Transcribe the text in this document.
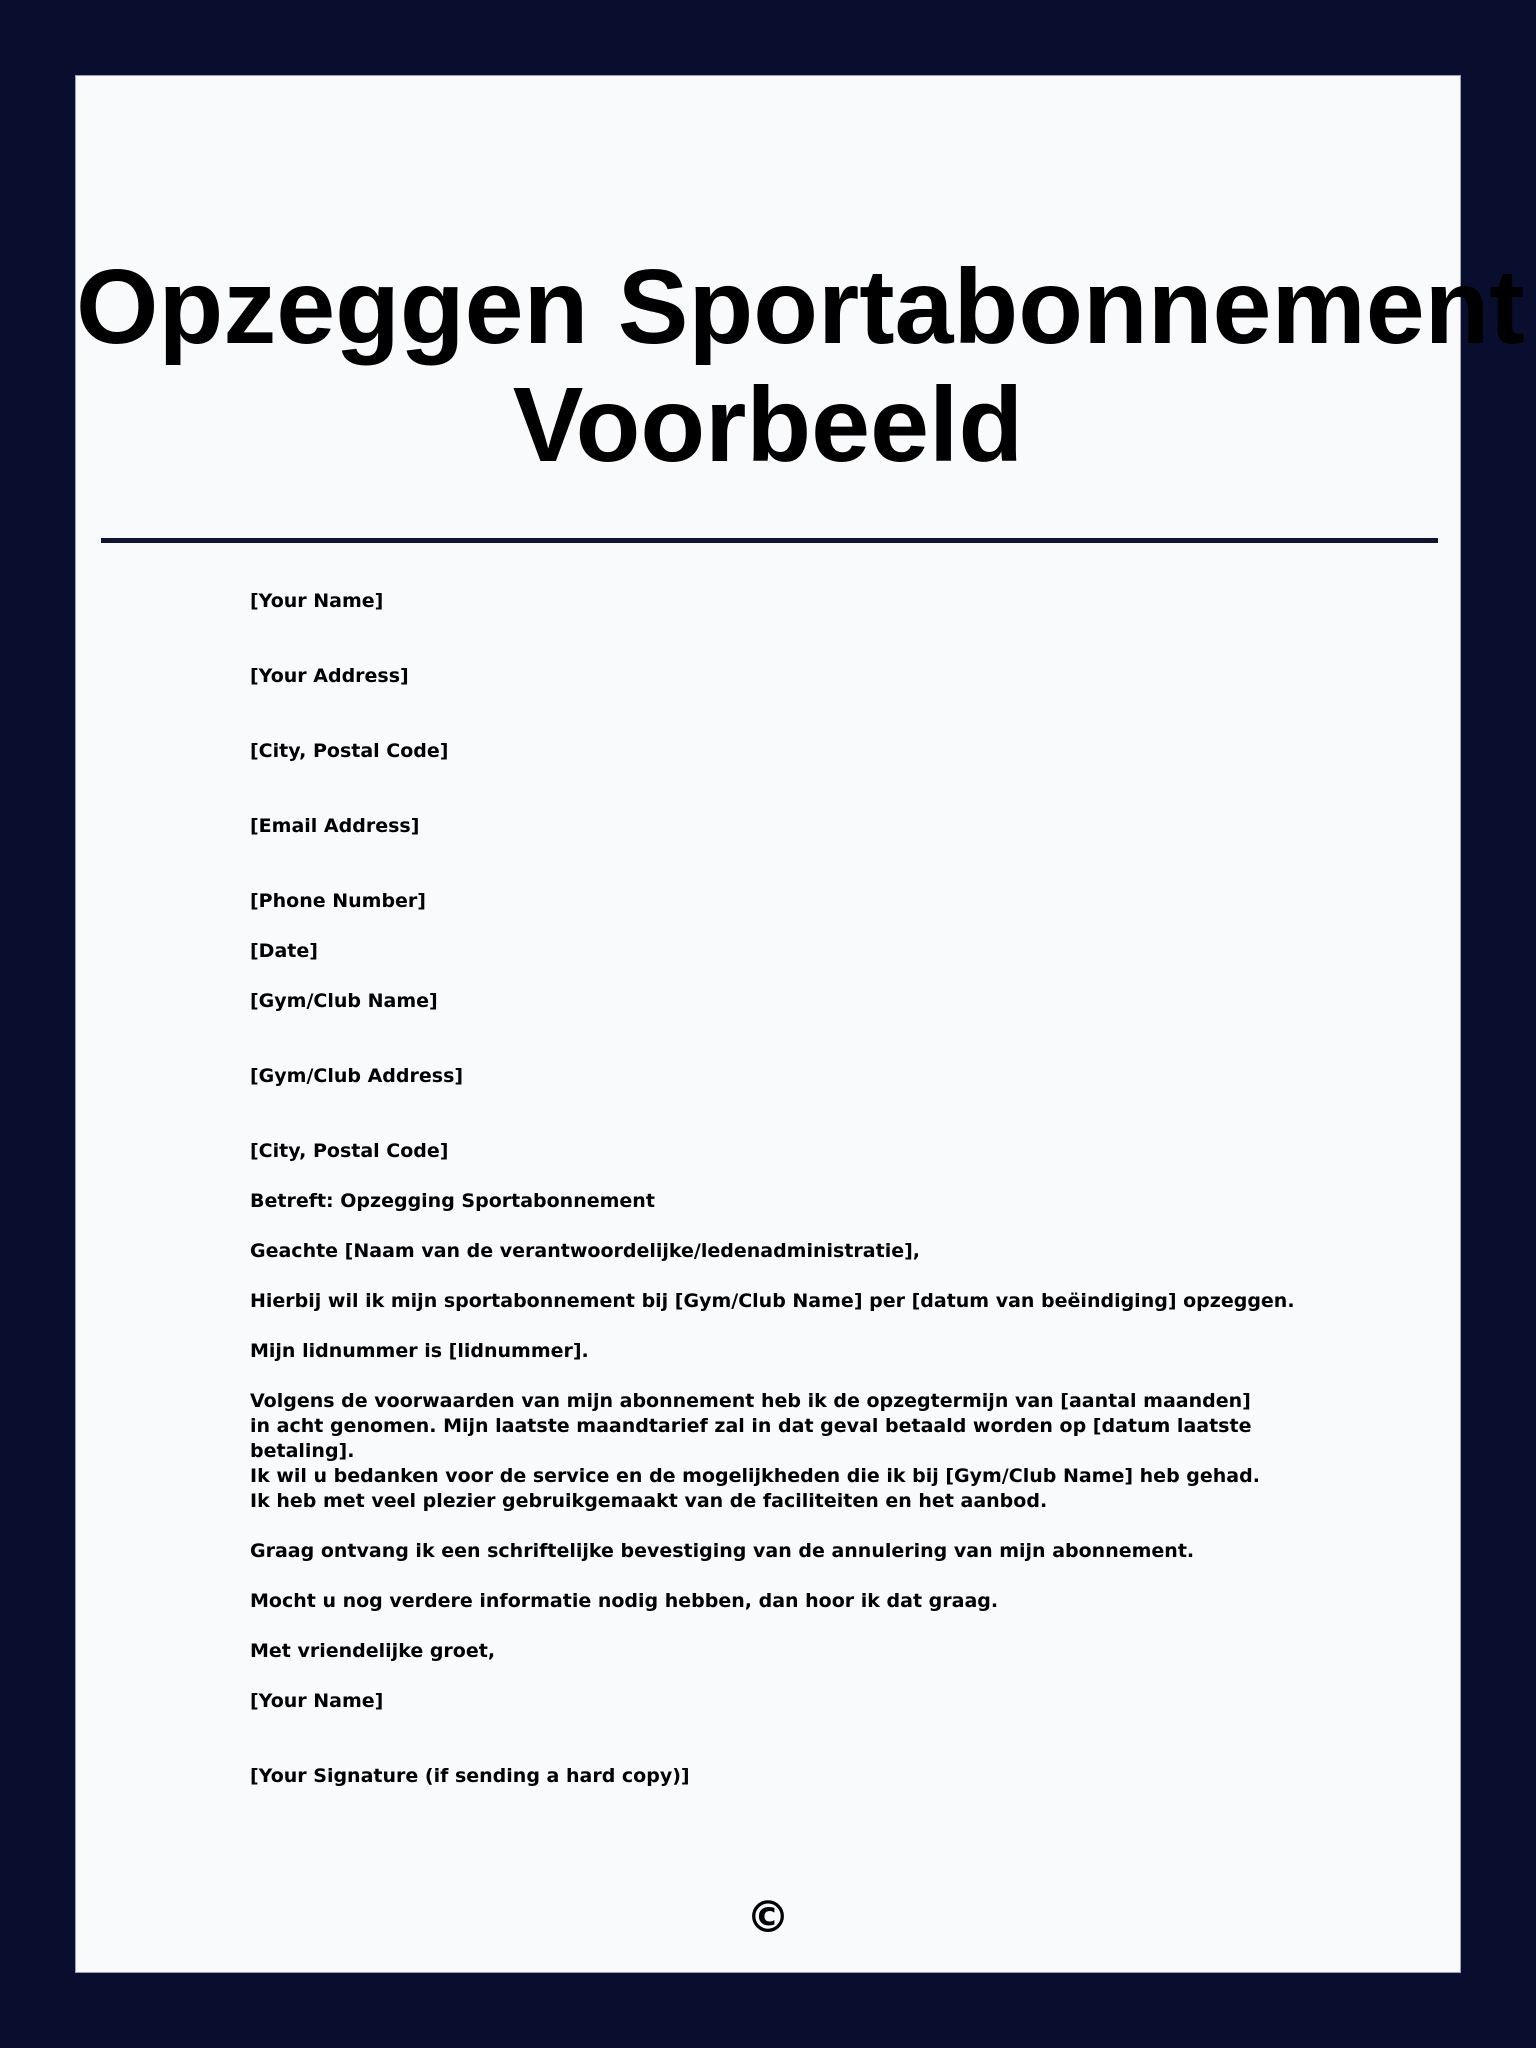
Opzeggen Sportabonnement
Voorbeeld

[Your Name]

[Your Address]

[City, Postal Code]

[Email Address]

[Phone Number]

[Date]

[Gym/Club Name]

[Gym/Club Address]

[City, Postal Code]

Betreft: Opzegging Sportabonnement

Geachte [Naam van de verantwoordelijke/ledenadministratie],

Hierbij wil ik mijn sportabonnement bij [Gym/Club Name] per [datum van beëindiging] opzeggen.

Mijn lidnummer is [lidnummer].

Volgens de voorwaarden van mijn abonnement heb ik de opzegtermijn van [aantal maanden] in acht genomen. Mijn laatste maandtarief zal in dat geval betaald worden op [datum laatste betaling].

Ik wil u bedanken voor de service en de mogelijkheden die ik bij [Gym/Club Name] heb gehad. Ik heb met veel plezier gebruikgemaakt van de faciliteiten en het aanbod.

Graag ontvang ik een schriftelijke bevestiging van de annulering van mijn abonnement.

Mocht u nog verdere informatie nodig hebben, dan hoor ik dat graag.

Met vriendelijke groet,

[Your Name]

[Your Signature (if sending a hard copy)]

©
